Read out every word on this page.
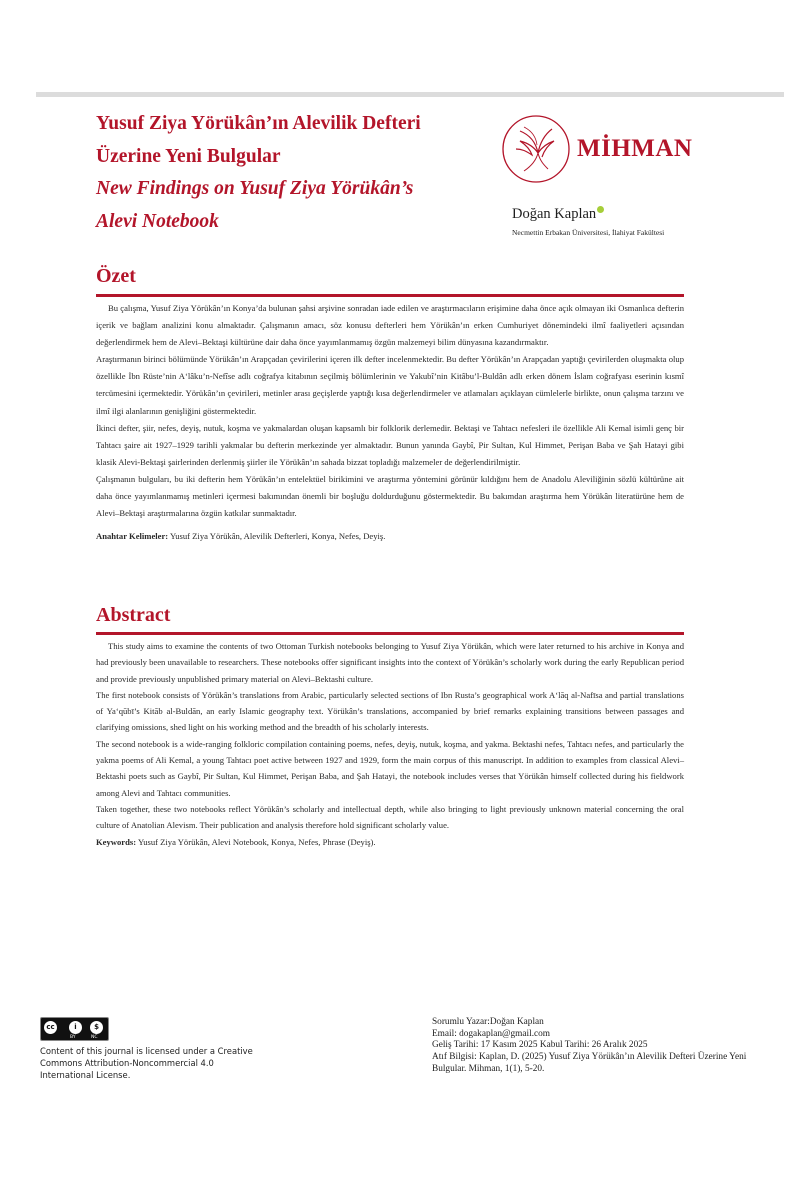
Yusuf Ziya Yörükân’ın Alevilik Defteri
Üzerine Yeni Bulgular
New Findings on Yusuf Ziya Yörükân’s
Alevi Notebook
MİHMAN
Doğan Kaplan
Necmettin Erbakan Üniversitesi, İlahiyat Fakültesi
Özet

Bu çalışma, Yusuf Ziya Yörükân’ın Konya’da bulunan şahsi arşivine sonradan iade edilen ve araştırmacıların erişimine daha önce açık olmayan iki Osmanlıca defterin içerik ve bağlam analizini konu almaktadır. Çalışmanın amacı, söz konusu defterleri hem Yörükân’ın erken Cumhuriyet dönemindeki ilmî faaliyetleri açısından değerlendirmek hem de Alevi–Bektaşi kültürüne dair daha önce yayımlanmamış özgün malzemeyi bilim dünyasına kazandırmaktır.

Araştırmanın birinci bölümünde Yörükân’ın Arapçadan çevirilerini içeren ilk defter incelenmektedir. Bu defter Yörükân’ın Arapçadan yaptığı çevirilerden oluşmakta olup özellikle İbn Rüste’nin A‘lâku’n-Nefîse adlı coğrafya kitabının seçilmiş bölümlerinin ve Yakubî’nin Kitâbu’l-Buldân adlı erken dönem İslam coğrafyası eserinin kısmî tercümesini içermektedir. Yörükân’ın çevirileri, metinler arası geçişlerde yaptığı kısa değerlendirmeler ve atlamaları açıklayan cümlelerle birlikte, onun çalışma tarzını ve ilmî ilgi alanlarının genişliğini göstermektedir.

İkinci defter, şiir, nefes, deyiş, nutuk, koşma ve yakmalardan oluşan kapsamlı bir folklorik derlemedir. Bektaşi ve Tahtacı nefesleri ile özellikle Ali Kemal isimli genç bir Tahtacı şaire ait 1927–1929 tarihli yakmalar bu defterin merkezinde yer almaktadır. Bunun yanında Gaybî, Pir Sultan, Kul Himmet, Perişan Baba ve Şah Hatayi gibi klasik Alevi-Bektaşi şairlerinden derlenmiş şiirler ile Yörükân’ın sahada bizzat topladığı malzemeler de değerlendirilmiştir.

Çalışmanın bulguları, bu iki defterin hem Yörükân’ın entelektüel birikimini ve araştırma yöntemini görünür kıldığını hem de Anadolu Aleviliğinin sözlü kültürüne ait daha önce yayımlanmamış metinleri içermesi bakımından önemli bir boşluğu doldurduğunu göstermektedir. Bu bakımdan araştırma hem Yörükân literatürüne hem de Alevi–Bektaşi araştırmalarına özgün katkılar sunmaktadır.

Anahtar Kelimeler: Yusuf Ziya Yörükân, Alevilik Defterleri, Konya, Nefes, Deyiş.

Abstract

This study aims to examine the contents of two Ottoman Turkish notebooks belonging to Yusuf Ziya Yörükân, which were later returned to his archive in Konya and had previously been unavailable to researchers. These notebooks offer significant insights into the context of Yörükân’s scholarly work during the early Republican period and provide previously unpublished primary material on Alevi–Bektashi culture.

The first notebook consists of Yörükân’s translations from Arabic, particularly selected sections of Ibn Rusta’s geographical work A‘lāq al-Nafīsa and partial translations of Ya‘qūbī’s Kitāb al-Buldān, an early Islamic geography text. Yörükân’s translations, accompanied by brief remarks explaining transitions between passages and clarifying omissions, shed light on his working method and the breadth of his scholarly interests.

The second notebook is a wide-ranging folkloric compilation containing poems, nefes, deyiş, nutuk, koşma, and yakma. Bektashi nefes, Tahtacı nefes, and particularly the yakma poems of Ali Kemal, a young Tahtacı poet active between 1927 and 1929, form the main corpus of this manuscript. In addition to examples from classical Alevi–Bektashi poets such as Gaybî, Pir Sultan, Kul Himmet, Perişan Baba, and Şah Hatayi, the notebook includes verses that Yörükân himself collected during his fieldwork among Alevi and Tahtacı communities.

Taken together, these two notebooks reflect Yörükân’s scholarly and intellectual depth, while also bringing to light previously unknown material concerning the oral culture of Anatolian Alevism. Their publication and analysis therefore hold significant scholarly value.

Keywords: Yusuf Ziya Yörükân, Alevi Notebook, Konya, Nefes, Phrase (Deyiş).

cc	i	$
BY	NC
Content of this journal is licensed under a Creative Commons Attribution-Noncommercial 4.0 International License.
Sorumlu Yazar:Doğan Kaplan
Email: dogakaplan@gmail.com
Geliş Tarihi: 17 Kasım 2025 Kabul Tarihi: 26 Aralık 2025
Atıf Bilgisi: Kaplan, D. (2025) Yusuf Ziya Yörükân’ın Alevilik Defteri Üzerine Yeni Bulgular. Mihman, 1(1), 5-20.
